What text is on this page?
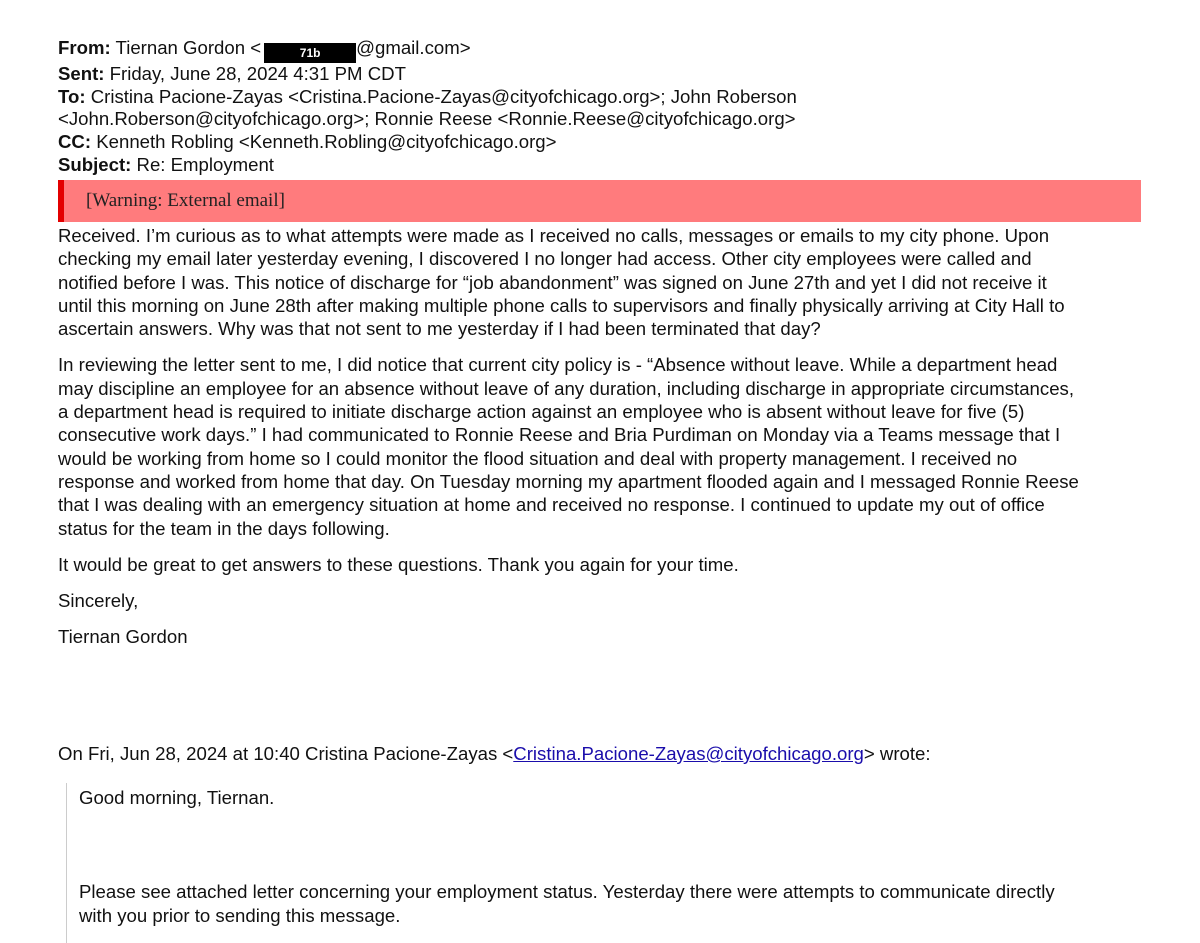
From: Tiernan Gordon <	71b @gmail.com>
Sent: Friday, June 28, 2024 4:31 PM CDT
To: Cristina Pacione-Zayas <Cristina.Pacione-Zayas@cityofchicago.org>; John Roberson
<John.Roberson@cityofchicago.org>; Ronnie Reese <Ronnie.Reese@cityofchicago.org>
CC: Kenneth Robling <Kenneth.Robling@cityofchicago.org>
Subject: Re: Employment
[Warning: External email]

Received. I’m curious as to what attempts were made as I received no calls, messages or emails to my city phone. Upon
checking my email later yesterday evening, I discovered I no longer had access. Other city employees were called and
notified before I was. This notice of discharge for “job abandonment” was signed on June 27th and yet I did not receive it
until this morning on June 28th after making multiple phone calls to supervisors and finally physically arriving at City Hall to
ascertain answers. Why was that not sent to me yesterday if I had been terminated that day?

In reviewing the letter sent to me, I did notice that current city policy is - “Absence without leave. While a department head
may discipline an employee for an absence without leave of any duration, including discharge in appropriate circumstances,
a department head is required to initiate discharge action against an employee who is absent without leave for five (5)
consecutive work days.” I had communicated to Ronnie Reese and Bria Purdiman on Monday via a Teams message that I
would be working from home so I could monitor the flood situation and deal with property management. I received no
response and worked from home that day. On Tuesday morning my apartment flooded again and I messaged Ronnie Reese
that I was dealing with an emergency situation at home and received no response. I continued to update my out of office
status for the team in the days following.

It would be great to get answers to these questions. Thank you again for your time.

Sincerely,

Tiernan Gordon

On Fri, Jun 28, 2024 at 10:40 Cristina Pacione-Zayas <Cristina.Pacione-Zayas@cityofchicago.org> wrote:
Good morning, Tiernan.
Please see attached letter concerning your employment status. Yesterday there were attempts to communicate directly
with you prior to sending this message.
